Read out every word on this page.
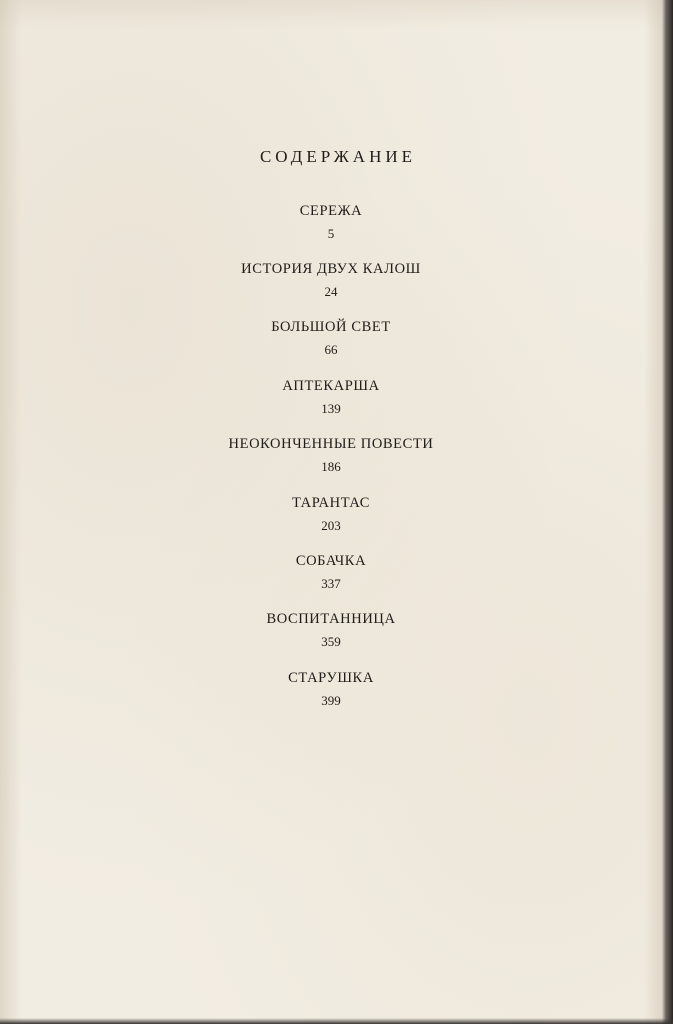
СОДЕРЖАНИЕ
СЕРЕЖА
5
ИСТОРИЯ ДВУХ КАЛОШ
24
БОЛЬШОЙ СВЕТ
66
АПТЕКАРША
139
НЕОКОНЧЕННЫЕ ПОВЕСТИ
186
ТАРАНТАС
203
СОБАЧКА
337
ВОСПИТАННИЦА
359
СТАРУШКА
399
